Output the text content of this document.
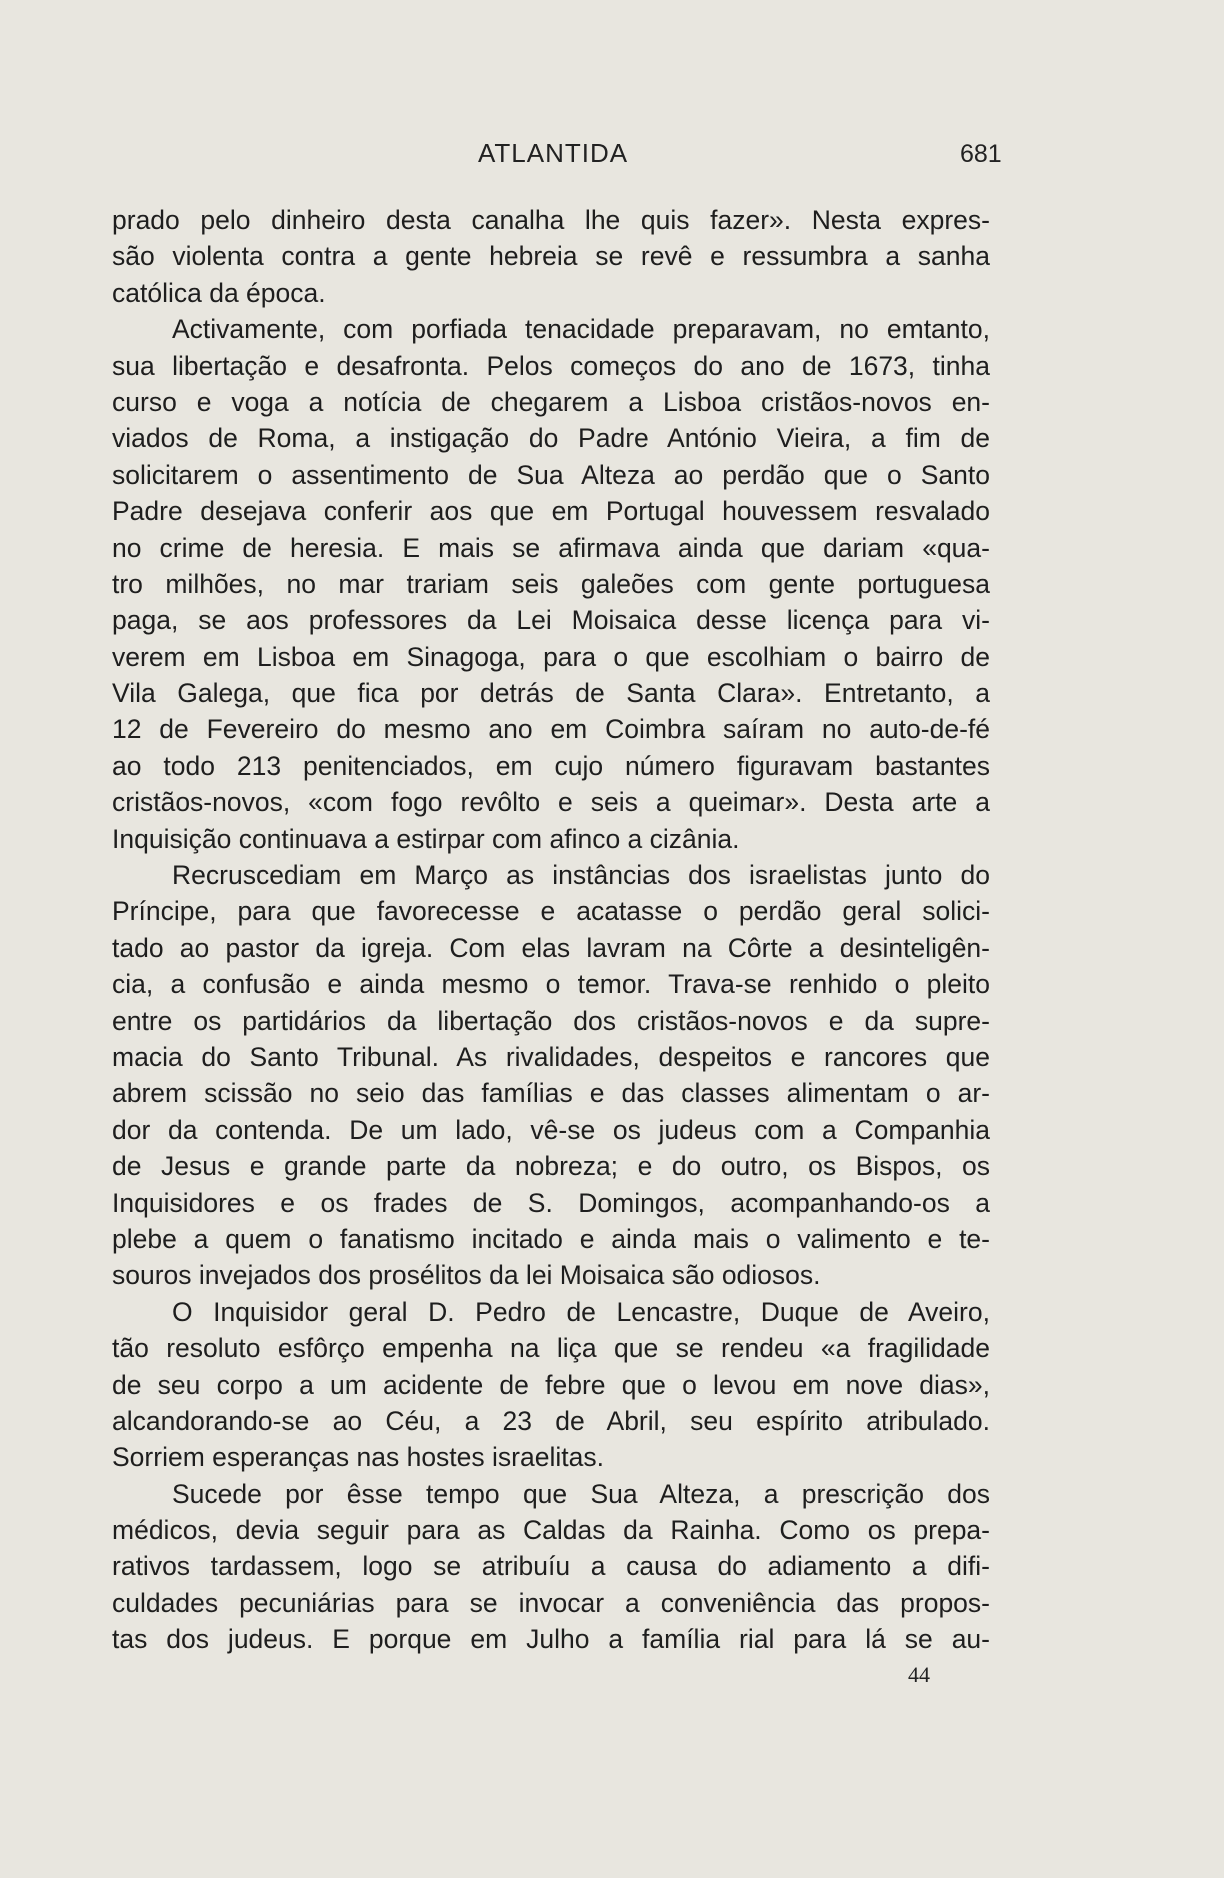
ATLANTIDA	681
prado pelo dinheiro desta canalha lhe quis fazer». Nesta expres-
são violenta contra a gente hebreia se revê e ressumbra a sanha
católica da época.
Activamente, com porfiada tenacidade preparavam, no emtanto,
sua libertação e desafronta. Pelos começos do ano de 1673, tinha
curso e voga a notícia de chegarem a Lisboa cristãos-novos en-
viados de Roma, a instigação do Padre António Vieira, a fim de
solicitarem o assentimento de Sua Alteza ao perdão que o Santo
Padre desejava conferir aos que em Portugal houvessem resvalado
no crime de heresia. E mais se afirmava ainda que dariam «qua-
tro milhões, no mar trariam seis galeões com gente portuguesa
paga, se aos professores da Lei Moisaica desse licença para vi-
verem em Lisboa em Sinagoga, para o que escolhiam o bairro de
Vila Galega, que fica por detrás de Santa Clara». Entretanto, a
12 de Fevereiro do mesmo ano em Coimbra saíram no auto-de-fé
ao todo 213 penitenciados, em cujo número figuravam bastantes
cristãos-novos, «com fogo revôlto e seis a queimar». Desta arte a
Inquisição continuava a estirpar com afinco a cizânia.
Recruscediam em Março as instâncias dos israelistas junto do
Príncipe, para que favorecesse e acatasse o perdão geral solici-
tado ao pastor da igreja. Com elas lavram na Côrte a desinteligên-
cia, a confusão e ainda mesmo o temor. Trava-se renhido o pleito
entre os partidários da libertação dos cristãos-novos e da supre-
macia do Santo Tribunal. As rivalidades, despeitos e rancores que
abrem scissão no seio das famílias e das classes alimentam o ar-
dor da contenda. De um lado, vê-se os judeus com a Companhia
de Jesus e grande parte da nobreza; e do outro, os Bispos, os
Inquisidores e os frades de S. Domingos, acompanhando-os a
plebe a quem o fanatismo incitado e ainda mais o valimento e te-
souros invejados dos prosélitos da lei Moisaica são odiosos.
O Inquisidor geral D. Pedro de Lencastre, Duque de Aveiro,
tão resoluto esfôrço empenha na liça que se rendeu «a fragilidade
de seu corpo a um acidente de febre que o levou em nove dias»,
alcandorando-se ao Céu, a 23 de Abril, seu espírito atribulado.
Sorriem esperanças nas hostes israelitas.
Sucede por êsse tempo que Sua Alteza, a prescrição dos
médicos, devia seguir para as Caldas da Rainha. Como os prepa-
rativos tardassem, logo se atribuíu a causa do adiamento a difi-
culdades pecuniárias para se invocar a conveniência das propos-
tas dos judeus. E porque em Julho a família rial para lá se au-
44
